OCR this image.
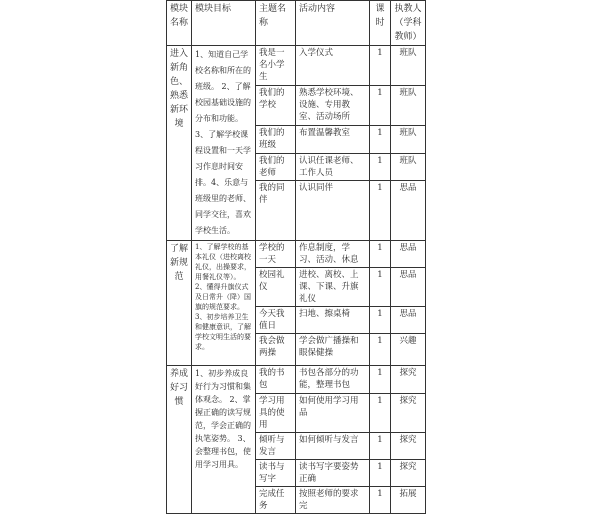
模块名称	模块目标	主题名称	活动内容	课时	执教人（学科教师）
进入新角色、熟悉新环境	1、知道自己学校名称和所在的班级。 2、了解校园基础设施的分布和功能。 3、了解学校课程设置和一天学习作息时间安排。4、乐意与班级里的老师、同学交往，喜欢学校生活。	我是一名小学生	入学仪式	1	班队
		我们的学校	熟悉学校环境、设施、专用教室、活动场所	1	班队
		我们的班级	布置温馨教室	1	班队
		我们的老师	认识任课老师、工作人员	1	班队
		我的同伴	认识同伴	1	思品
了解新规范	1、了解学校的基本礼仪（进校离校礼仪，出操要求，用餐礼仪等）。 2、懂得升旗仪式及日常升（降）国旗的规范要求。 3、初步培养卫生和健康意识，了解学校文明生活的要求。	学校的一天	作息制度，学习、活动、休息	1	思品
		校园礼仪	进校、离校、上课、下课、升旗礼仪	1	思品
		今天我值日	扫地、擦桌椅	1	思品
		我会做两操	学会做广播操和眼保健操	1	兴趣
养成好习惯	1、初步养成良好行为习惯和集体观念。 2、掌握正确的读写规范，学会正确的执笔姿势。 3、会整理书包，使用学习用具。	我的书包	书包各部分的功能，整理书包	1	探究
		学习用具的使用	如何使用学习用品	1	探究
		倾听与发言	如何倾听与发言	1	探究
		读书与写字	读书写字要姿势正确	1	探究
		完成任务	按照老师的要求完	1	拓展
